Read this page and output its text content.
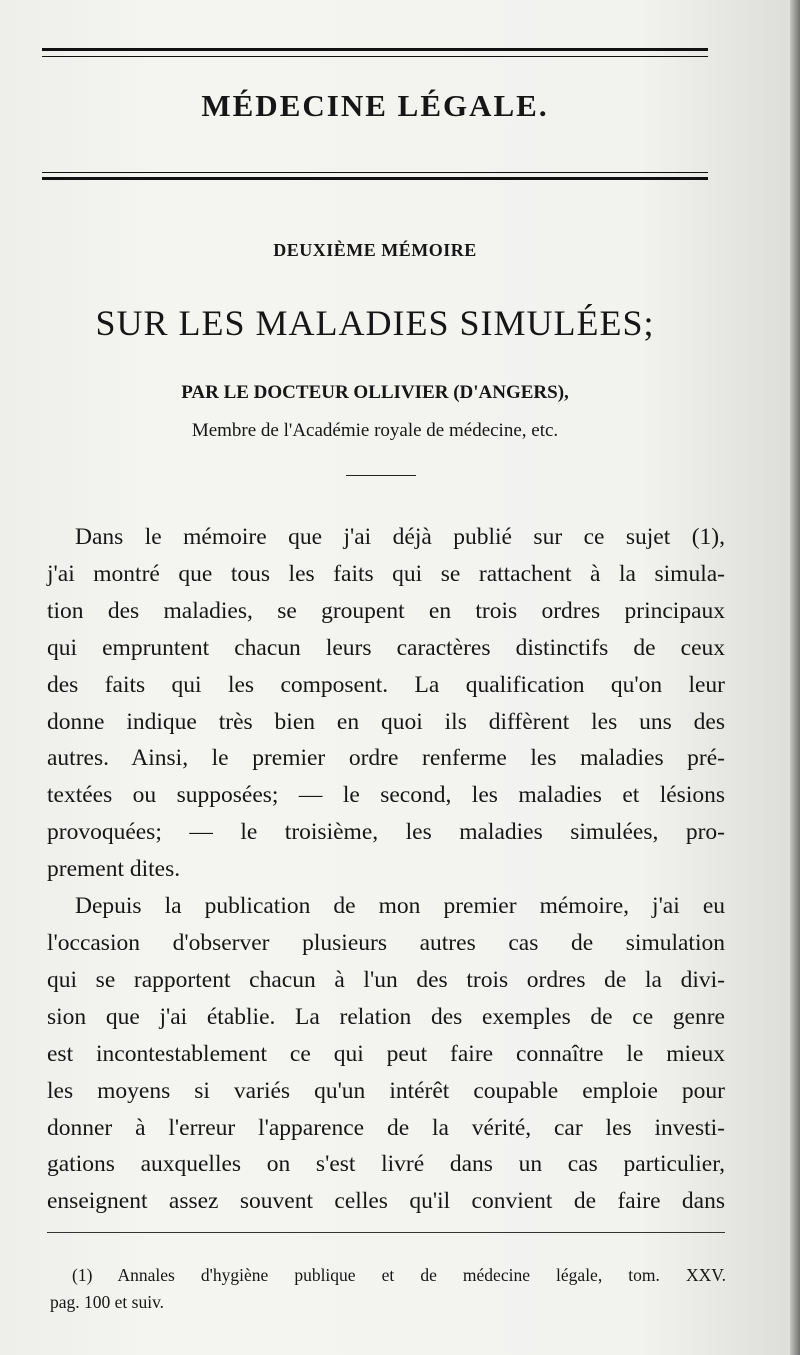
MÉDECINE LÉGALE.
DEUXIÈME MÉMOIRE
SUR LES MALADIES SIMULÉES;
PAR LE DOCTEUR OLLIVIER (D'ANGERS),
Membre de l'Académie royale de médecine, etc.

Dans le mémoire que j'ai déjà publié sur ce sujet (1),
j'ai montré que tous les faits qui se rattachent à la simula-
tion des maladies, se groupent en trois ordres principaux
qui empruntent chacun leurs caractères distinctifs de ceux
des faits qui les composent. La qualification qu'on leur
donne indique très bien en quoi ils diffèrent les uns des
autres. Ainsi, le premier ordre renferme les maladies pré-
textées ou supposées; — le second, les maladies et lésions
provoquées; — le troisième, les maladies simulées, pro-
prement dites.

Depuis la publication de mon premier mémoire, j'ai eu
l'occasion d'observer plusieurs autres cas de simulation
qui se rapportent chacun à l'un des trois ordres de la divi-
sion que j'ai établie. La relation des exemples de ce genre
est incontestablement ce qui peut faire connaître le mieux
les moyens si variés qu'un intérêt coupable emploie pour
donner à l'erreur l'apparence de la vérité, car les investi-
gations auxquelles on s'est livré dans un cas particulier,
enseignent assez souvent celles qu'il convient de faire dans

(1) Annales d'hygiène publique et de médecine légale, tom. XXV.
pag. 100 et suiv.
